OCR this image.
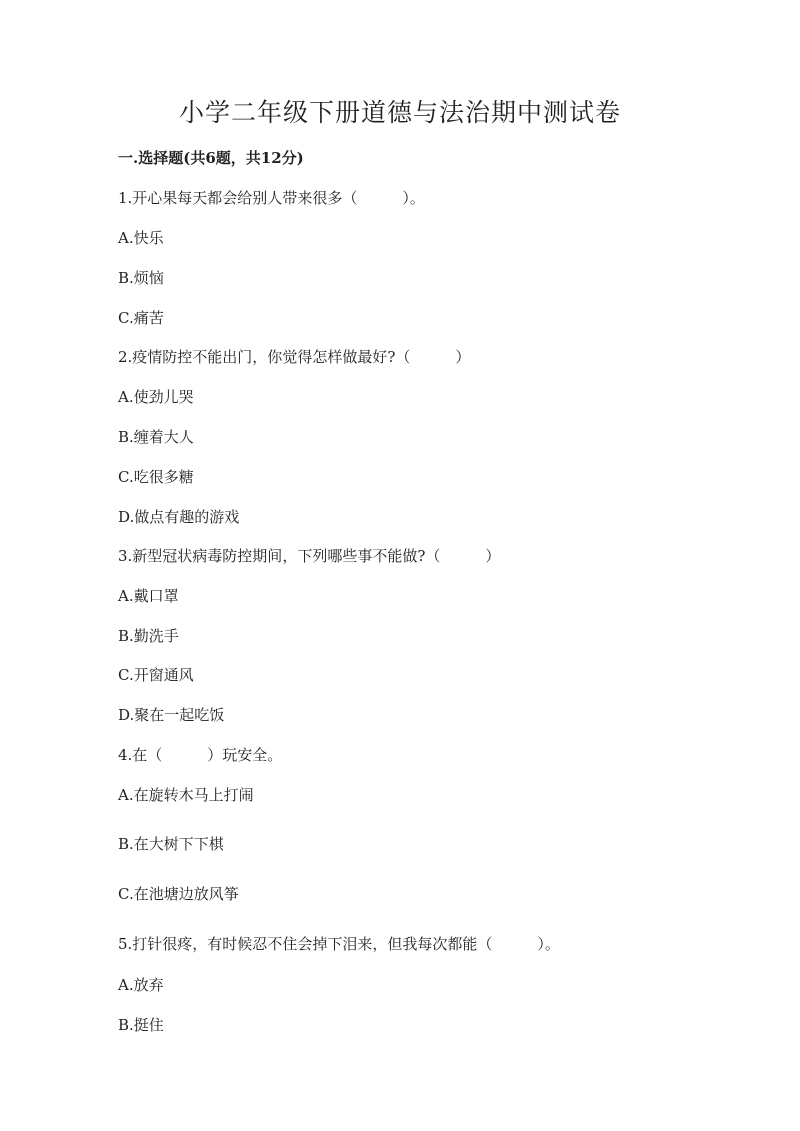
小学二年级下册道德与法治期中测试卷

一.选择题(共6题，共12分)

1.开心果每天都会给别人带来很多（　　　）。

A.快乐

B.烦恼

C.痛苦

2.疫情防控不能出门，你觉得怎样做最好?（　　　）

A.使劲儿哭

B.缠着大人

C.吃很多糖

D.做点有趣的游戏

3.新型冠状病毒防控期间，下列哪些事不能做?（　　　）

A.戴口罩

B.勤洗手

C.开窗通风

D.聚在一起吃饭

4.在（　　　）玩安全。

A.在旋转木马上打闹

B.在大树下下棋

C.在池塘边放风筝

5.打针很疼，有时候忍不住会掉下泪来，但我每次都能（　　　）。

A.放弃

B.挺住
